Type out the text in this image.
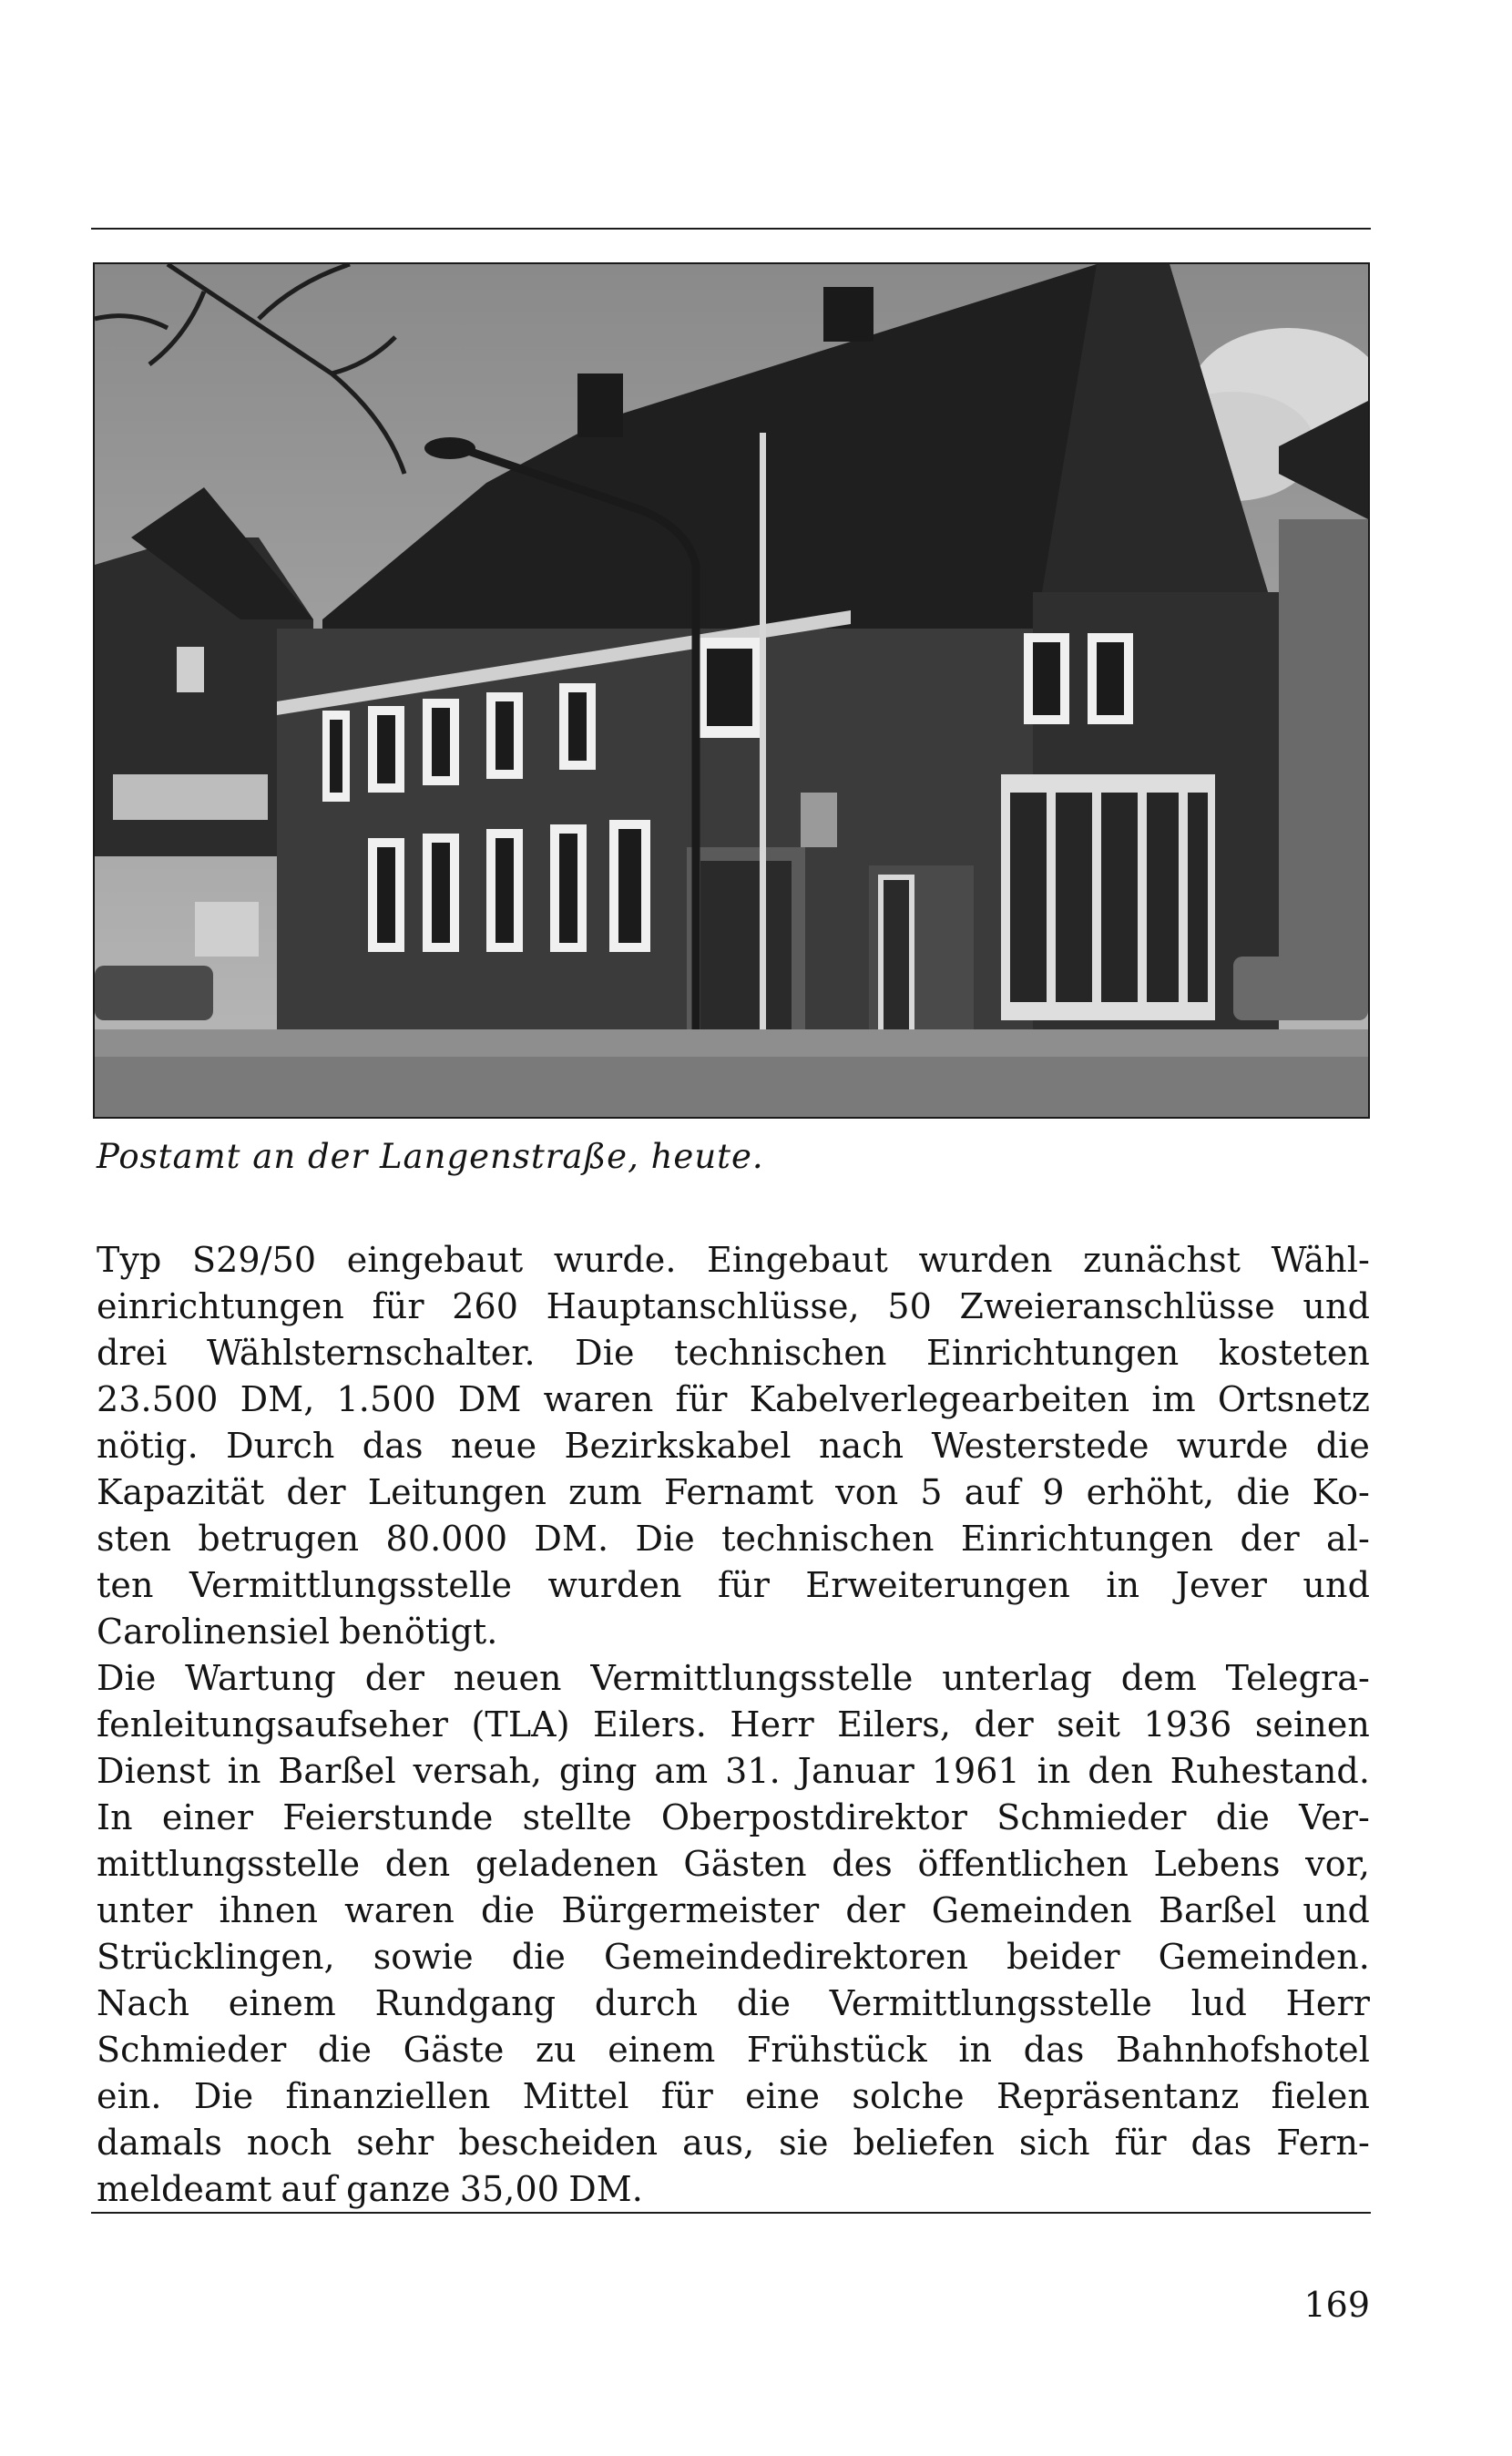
Postamt an der Langenstraße, heute.
Typ S29/50 eingebaut wurde. Eingebaut wurden zunächst Wähl-
einrichtungen für 260 Hauptanschlüsse, 50 Zweieranschlüsse und
drei Wählsternschalter. Die technischen Einrichtungen kosteten
23.500 DM, 1.500 DM waren für Kabelverlegearbeiten im Ortsnetz
nötig. Durch das neue Bezirkskabel nach Westerstede wurde die
Kapazität der Leitungen zum Fernamt von 5 auf 9 erhöht, die Ko-
sten betrugen 80.000 DM. Die technischen Einrichtungen der al-
ten Vermittlungsstelle wurden für Erweiterungen in Jever und
Carolinensiel benötigt.
Die Wartung der neuen Vermittlungsstelle unterlag dem Telegra-
fenleitungsaufseher (TLA) Eilers. Herr Eilers, der seit 1936 seinen
Dienst in Barßel versah, ging am 31. Januar 1961 in den Ruhestand.
In einer Feierstunde stellte Oberpostdirektor Schmieder die Ver-
mittlungsstelle den geladenen Gästen des öffentlichen Lebens vor,
unter ihnen waren die Bürgermeister der Gemeinden Barßel und
Strücklingen, sowie die Gemeindedirektoren beider Gemeinden.
Nach einem Rundgang durch die Vermittlungsstelle lud Herr
Schmieder die Gäste zu einem Frühstück in das Bahnhofshotel
ein. Die finanziellen Mittel für eine solche Repräsentanz fielen
damals noch sehr bescheiden aus, sie beliefen sich für das Fern-
meldeamt auf ganze 35,00 DM.
169
